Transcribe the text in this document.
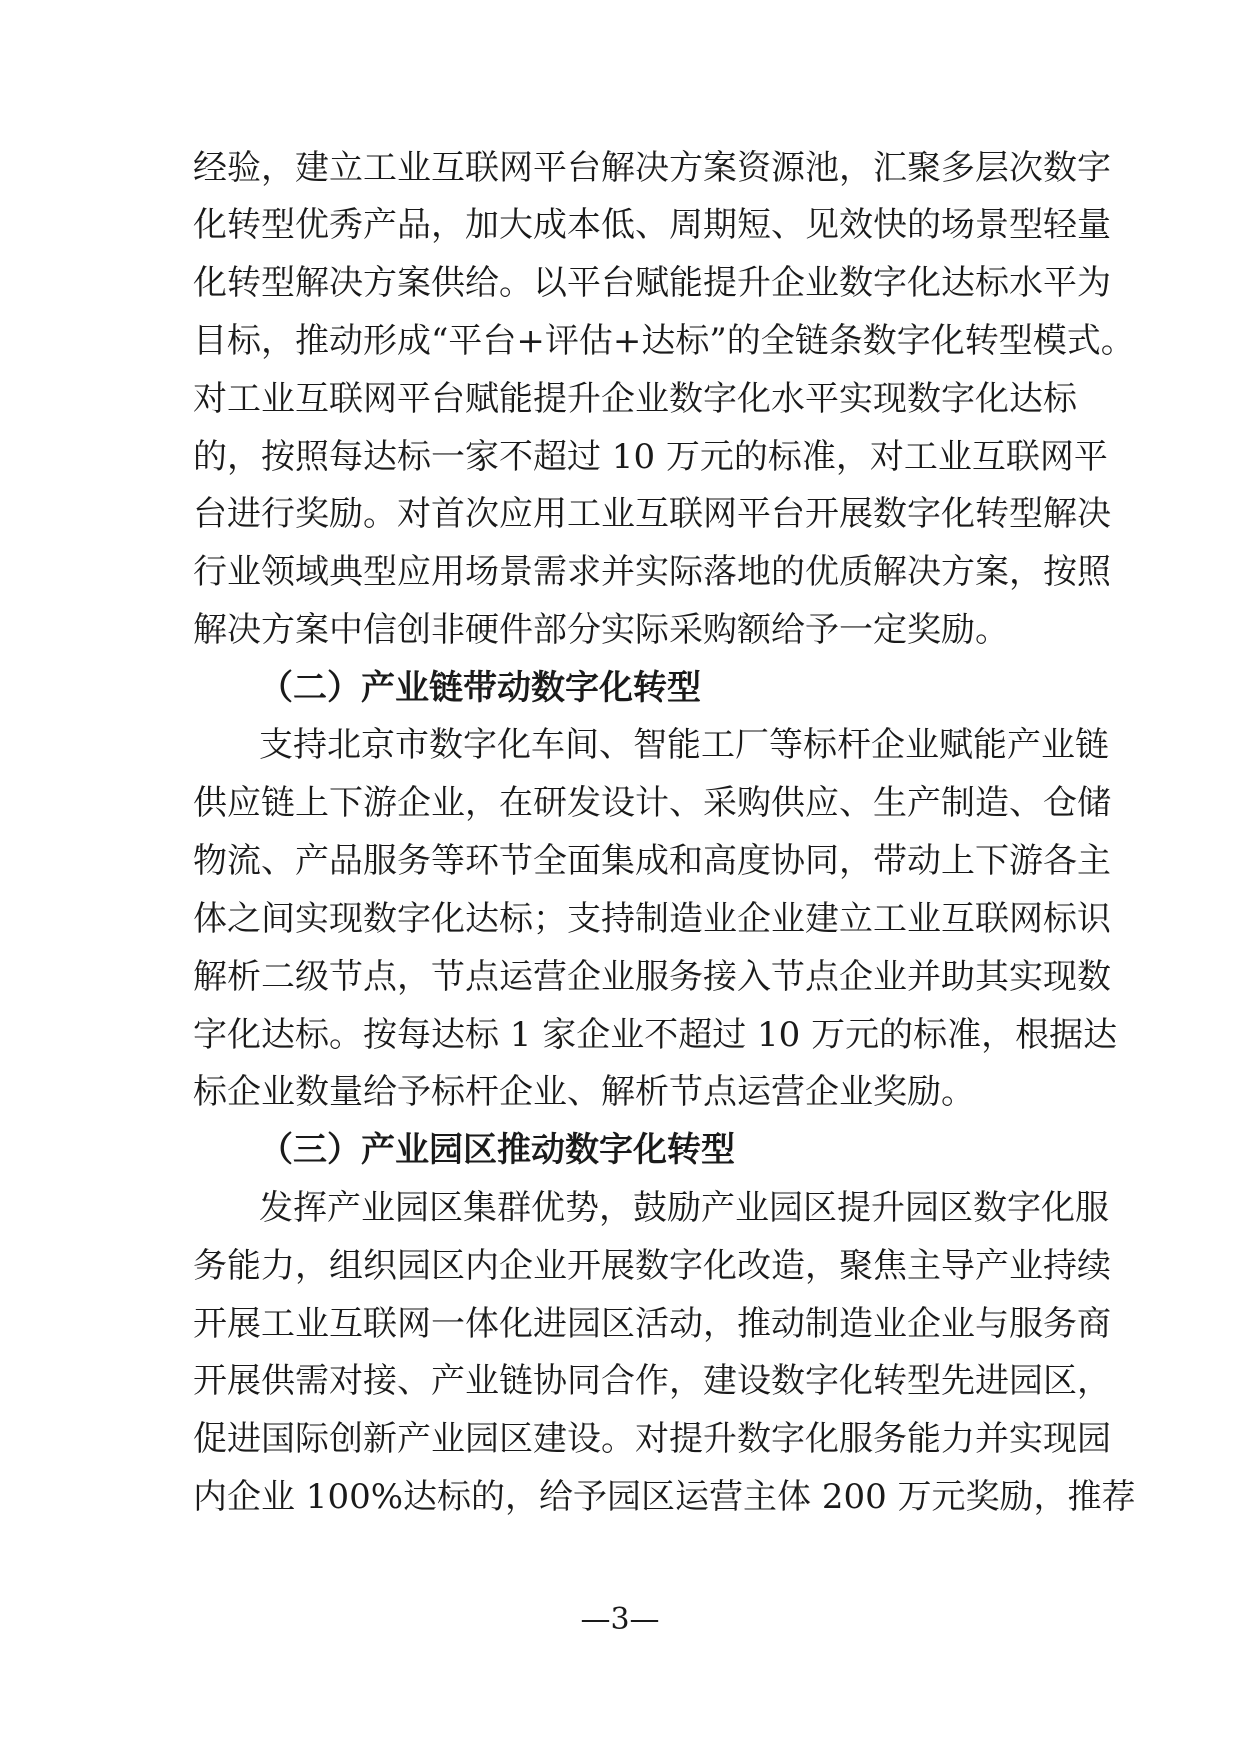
经验，建立工业互联网平台解决方案资源池，汇聚多层次数字
化转型优秀产品，加大成本低、周期短、见效快的场景型轻量
化转型解决方案供给。以平台赋能提升企业数字化达标水平为
目标，推动形成“平台+评估+达标”的全链条数字化转型模式。
对工业互联网平台赋能提升企业数字化水平实现数字化达标
的，按照每达标一家不超过 10 万元的标准，对工业互联网平
台进行奖励。对首次应用工业互联网平台开展数字化转型解决
行业领域典型应用场景需求并实际落地的优质解决方案，按照
解决方案中信创非硬件部分实际采购额给予一定奖励。
（二）产业链带动数字化转型
支持北京市数字化车间、智能工厂等标杆企业赋能产业链
供应链上下游企业，在研发设计、采购供应、生产制造、仓储
物流、产品服务等环节全面集成和高度协同，带动上下游各主
体之间实现数字化达标；支持制造业企业建立工业互联网标识
解析二级节点，节点运营企业服务接入节点企业并助其实现数
字化达标。按每达标 1 家企业不超过 10 万元的标准，根据达
标企业数量给予标杆企业、解析节点运营企业奖励。
（三）产业园区推动数字化转型
发挥产业园区集群优势，鼓励产业园区提升园区数字化服
务能力，组织园区内企业开展数字化改造，聚焦主导产业持续
开展工业互联网一体化进园区活动，推动制造业企业与服务商
开展供需对接、产业链协同合作，建设数字化转型先进园区，
促进国际创新产业园区建设。对提升数字化服务能力并实现园
内企业 100%达标的，给予园区运营主体 200 万元奖励，推荐
—3—
